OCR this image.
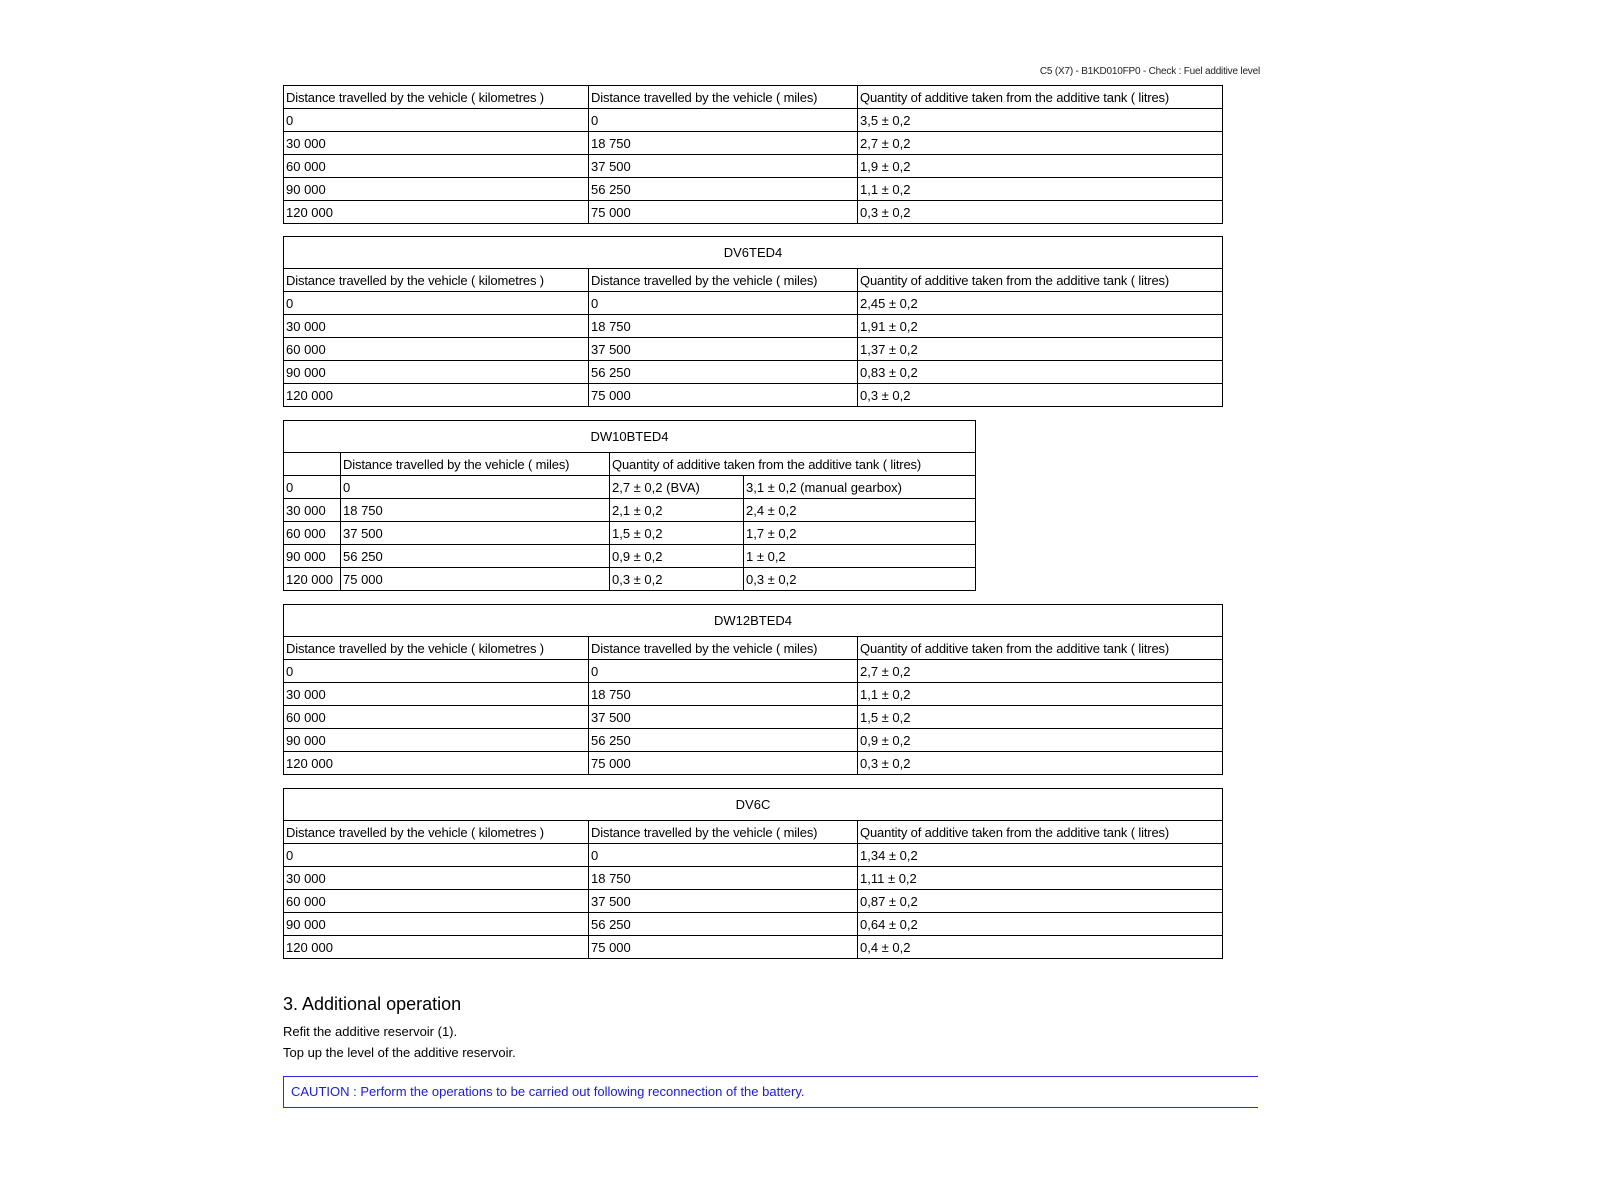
C5 (X7) - B1KD010FP0 - Check : Fuel additive level
Distance travelled by the vehicle ( kilometres )	Distance travelled by the vehicle ( miles)	Quantity of additive taken from the additive tank ( litres)
0	0	3,5 ± 0,2
30 000	18 750	2,7 ± 0,2
60 000	37 500	1,9 ± 0,2
90 000	56 250	1,1 ± 0,2
120 000	75 000	0,3 ± 0,2
DV6TED4		
Distance travelled by the vehicle ( kilometres )	Distance travelled by the vehicle ( miles)	Quantity of additive taken from the additive tank ( litres)
0	0	2,45 ± 0,2
30 000	18 750	1,91 ± 0,2
60 000	37 500	1,37 ± 0,2
90 000	56 250	0,83 ± 0,2
120 000	75 000	0,3 ± 0,2
DW10BTED4			
	Distance travelled by the vehicle ( miles)	Quantity of additive taken from the additive tank ( litres)	
0	0	2,7 ± 0,2 (BVA)	3,1 ± 0,2 (manual gearbox)
30 000	18 750	2,1 ± 0,2	2,4 ± 0,2
60 000	37 500	1,5 ± 0,2	1,7 ± 0,2
90 000	56 250	0,9 ± 0,2	1 ± 0,2
120 000	75 000	0,3 ± 0,2	0,3 ± 0,2
DW12BTED4		
Distance travelled by the vehicle ( kilometres )	Distance travelled by the vehicle ( miles)	Quantity of additive taken from the additive tank ( litres)
0	0	2,7 ± 0,2
30 000	18 750	1,1 ± 0,2
60 000	37 500	1,5 ± 0,2
90 000	56 250	0,9 ± 0,2
120 000	75 000	0,3 ± 0,2
DV6C		
Distance travelled by the vehicle ( kilometres )	Distance travelled by the vehicle ( miles)	Quantity of additive taken from the additive tank ( litres)
0	0	1,34 ± 0,2
30 000	18 750	1,11 ± 0,2
60 000	37 500	0,87 ± 0,2
90 000	56 250	0,64 ± 0,2
120 000	75 000	0,4 ± 0,2
3. Additional operation

Refit the additive reservoir (1).

Top up the level of the additive reservoir.

CAUTION : Perform the operations to be carried out following reconnection of the battery.
